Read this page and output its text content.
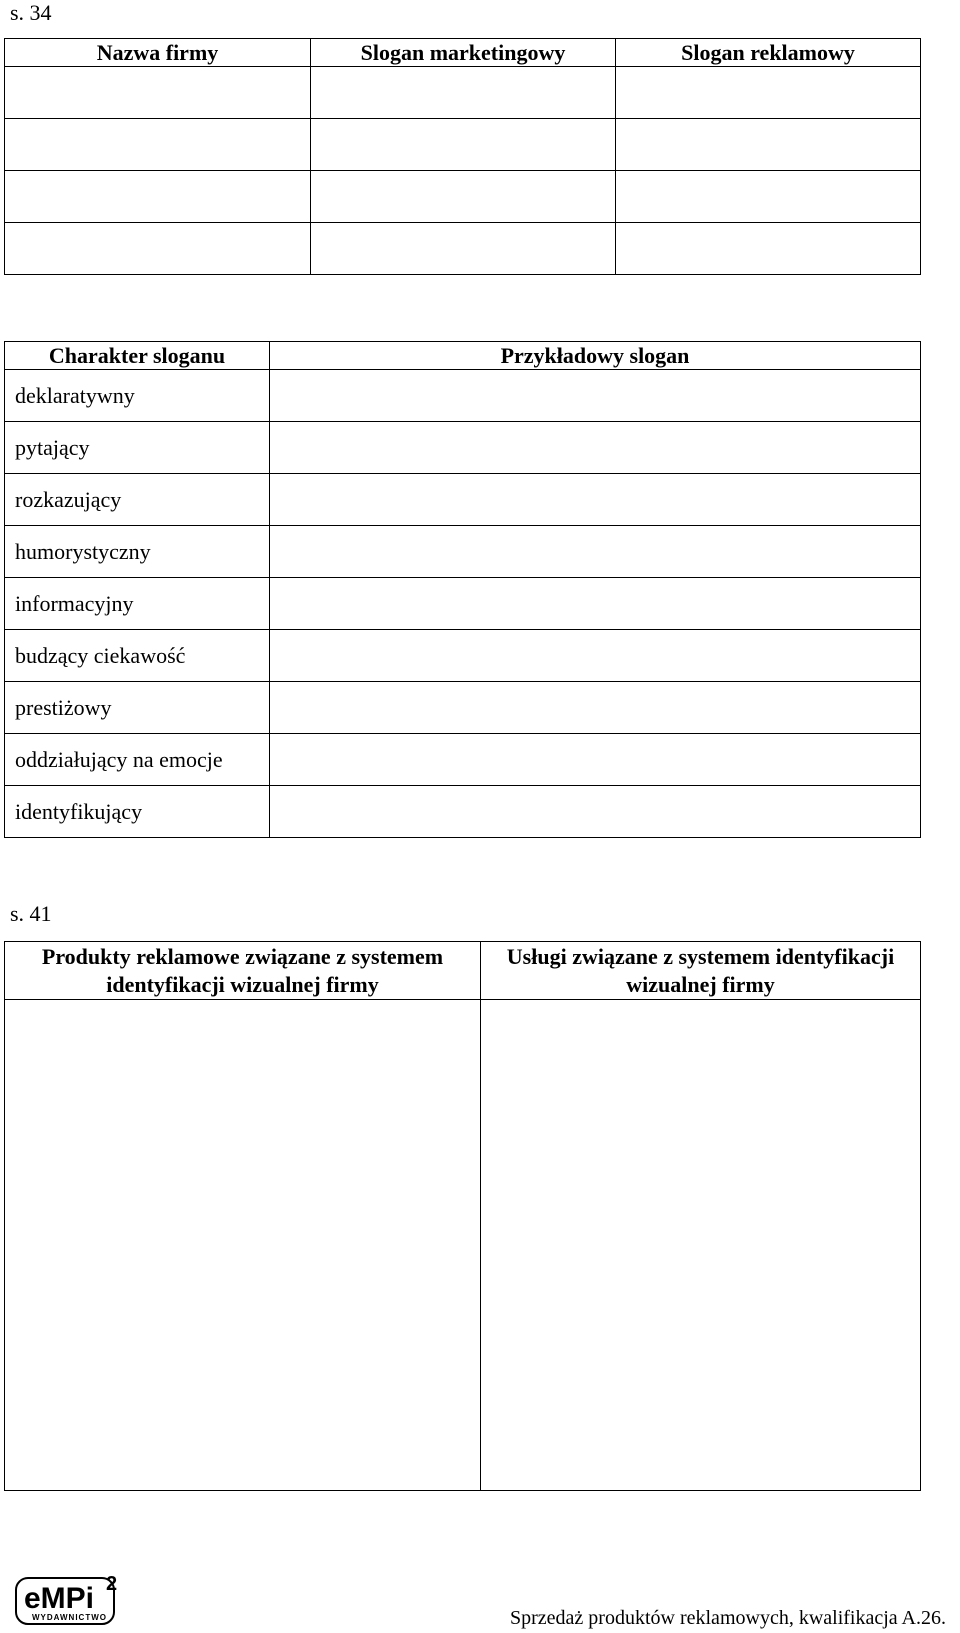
s. 34
Nazwa firmy	Slogan marketingowy	Slogan reklamowy

Charakter sloganu	Przykładowy slogan
deklaratywny	
pytający	
rozkazujący	
humorystyczny	
informacyjny	
budzący ciekawość	
prestiżowy	
oddziałujący na emocje	
identyfikujący	
s. 41
Produkty reklamowe związane z systemem identyfikacji wizualnej firmy	Usługi związane z systemem identyfikacji wizualnej firmy

eMPi 2
WYDAWNICTWO	Sprzedaż produktów reklamowych, kwalifikacja A.26.
